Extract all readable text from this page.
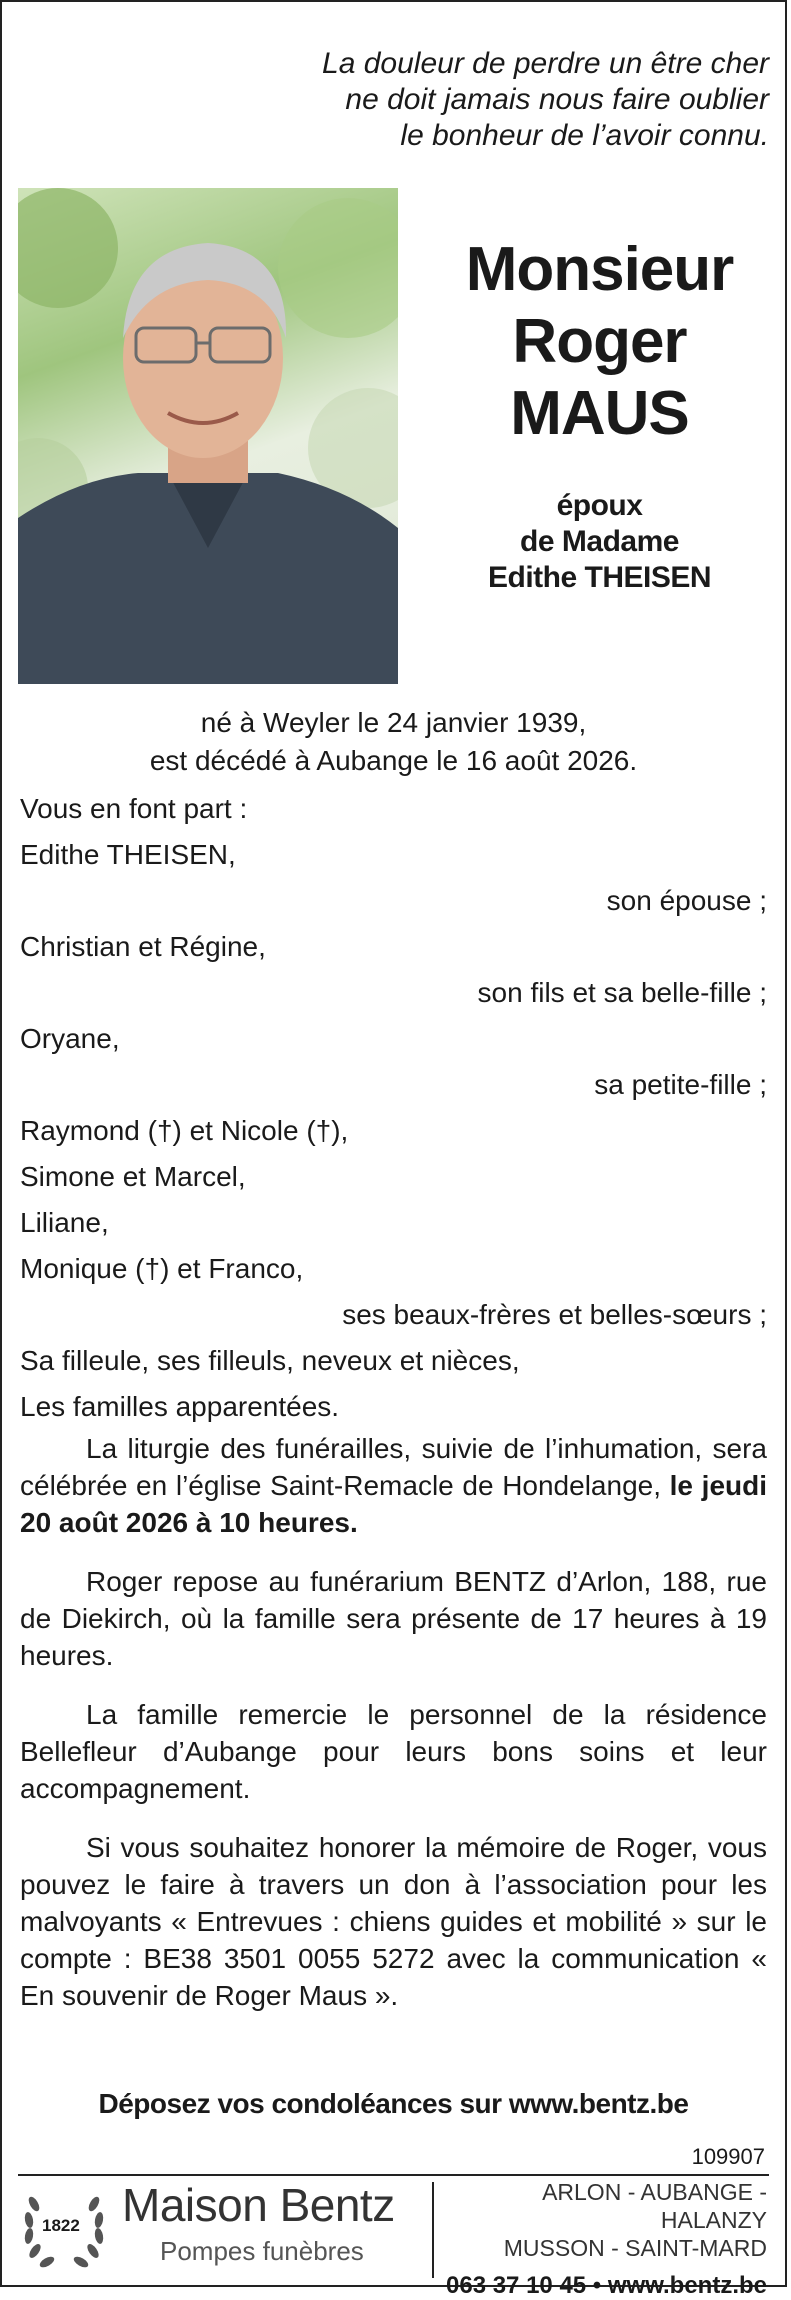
La douleur de perdre un être cher
ne doit jamais nous faire oublier
le bonheur de l’avoir connu.
Monsieur
Roger
MAUS
époux
de Madame
Edithe THEISEN
né à Weyler le 24 janvier 1939,
est décédé à Aubange le 16 août 2026.
Vous en font part :
Edithe THEISEN,
son épouse ;
Christian et Régine,
son fils et sa belle-fille ;
Oryane,
sa petite-fille ;
Raymond (†) et Nicole (†),
Simone et Marcel,
Liliane,
Monique (†) et Franco,
ses beaux-frères et belles-sœurs ;
Sa filleule, ses filleuls, neveux et nièces,
Les familles apparentées.

La liturgie des funérailles, suivie de l’inhumation, sera célébrée en l’église Saint-Remacle de Hondelange, le jeudi 20 août 2026 à 10 heures.

Roger repose au funérarium BENTZ d’Arlon, 188, rue de Diekirch, où la famille sera présente de 17 heures à 19 heures.

La famille remercie le personnel de la résidence Bellefleur d’Aubange pour leurs bons soins et leur accompagnement.

Si vous souhaitez honorer la mémoire de Roger, vous pouvez le faire à travers un don à l’association pour les malvoyants « Entrevues : chiens guides et mobilité » sur le compte : BE38 3501 0055 5272 avec la communication « En souvenir de Roger Maus ».

Déposez vos condoléances sur www.bentz.be
109907
1822 Maison Bentz
Pompes funèbres
ARLON - AUBANGE - HALANZY
MUSSON - SAINT-MARD
063 37 10 45 • www.bentz.be
